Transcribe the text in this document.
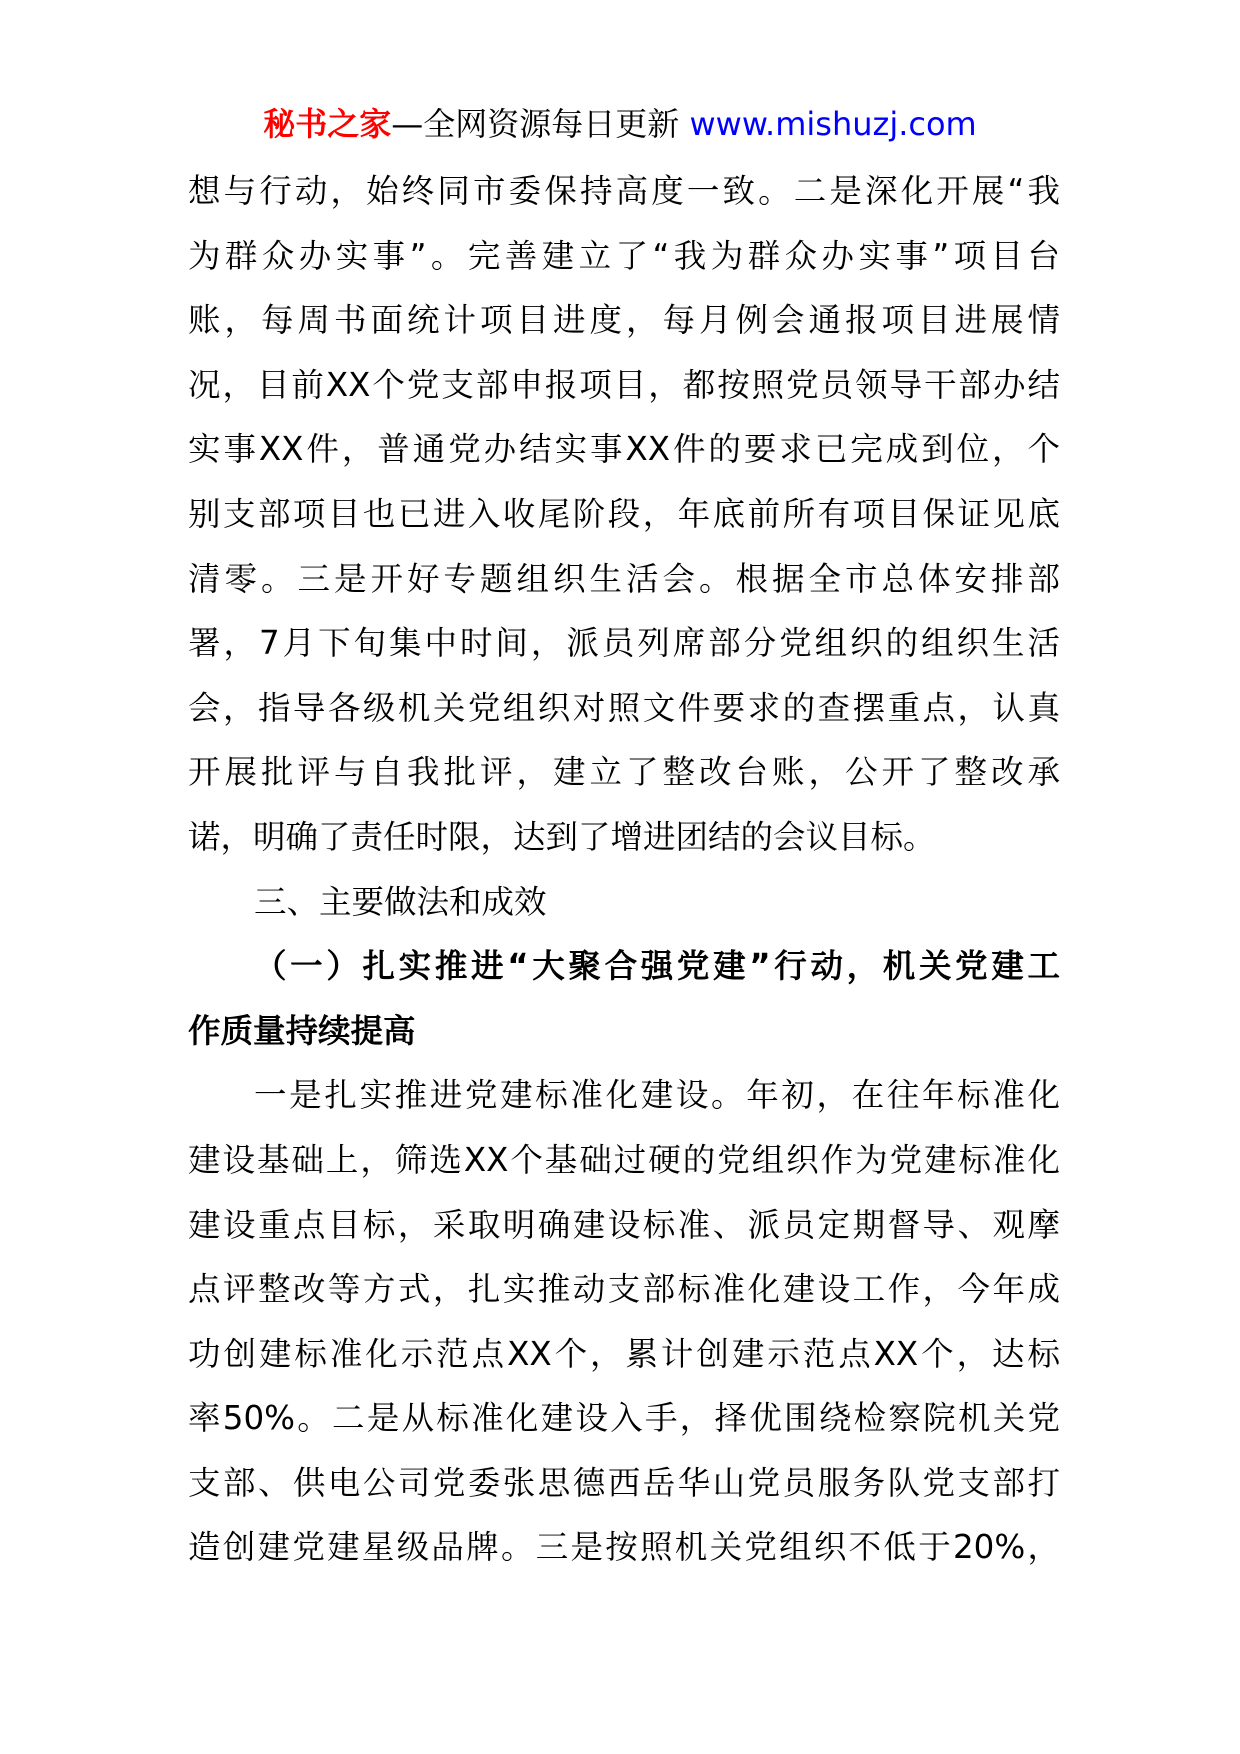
秘书之家—全网资源每日更新 www.mishuzj.com
想与行动，始终同市委保持高度一致。二是深化开展“我
为群众办实事”。完善建立了“我为群众办实事”项目台
账，每周书面统计项目进度，每月例会通报项目进展情
况，目前XX个党支部申报项目，都按照党员领导干部办结
实事XX件，普通党办结实事XX件的要求已完成到位，个
别支部项目也已进入收尾阶段，年底前所有项目保证见底
清零。三是开好专题组织生活会。根据全市总体安排部
署，7月下旬集中时间，派员列席部分党组织的组织生活
会，指导各级机关党组织对照文件要求的查摆重点，认真
开展批评与自我批评，建立了整改台账，公开了整改承
诺，明确了责任时限，达到了增进团结的会议目标。
三、主要做法和成效
（一）扎实推进“大聚合强党建”行动，机关党建工
作质量持续提高
一是扎实推进党建标准化建设。年初，在往年标准化
建设基础上，筛选XX个基础过硬的党组织作为党建标准化
建设重点目标，采取明确建设标准、派员定期督导、观摩
点评整改等方式，扎实推动支部标准化建设工作，今年成
功创建标准化示范点XX个，累计创建示范点XX个，达标
率50%。二是从标准化建设入手，择优围绕检察院机关党
支部、供电公司党委张思德西岳华山党员服务队党支部打
造创建党建星级品牌。三是按照机关党组织不低于20%，
